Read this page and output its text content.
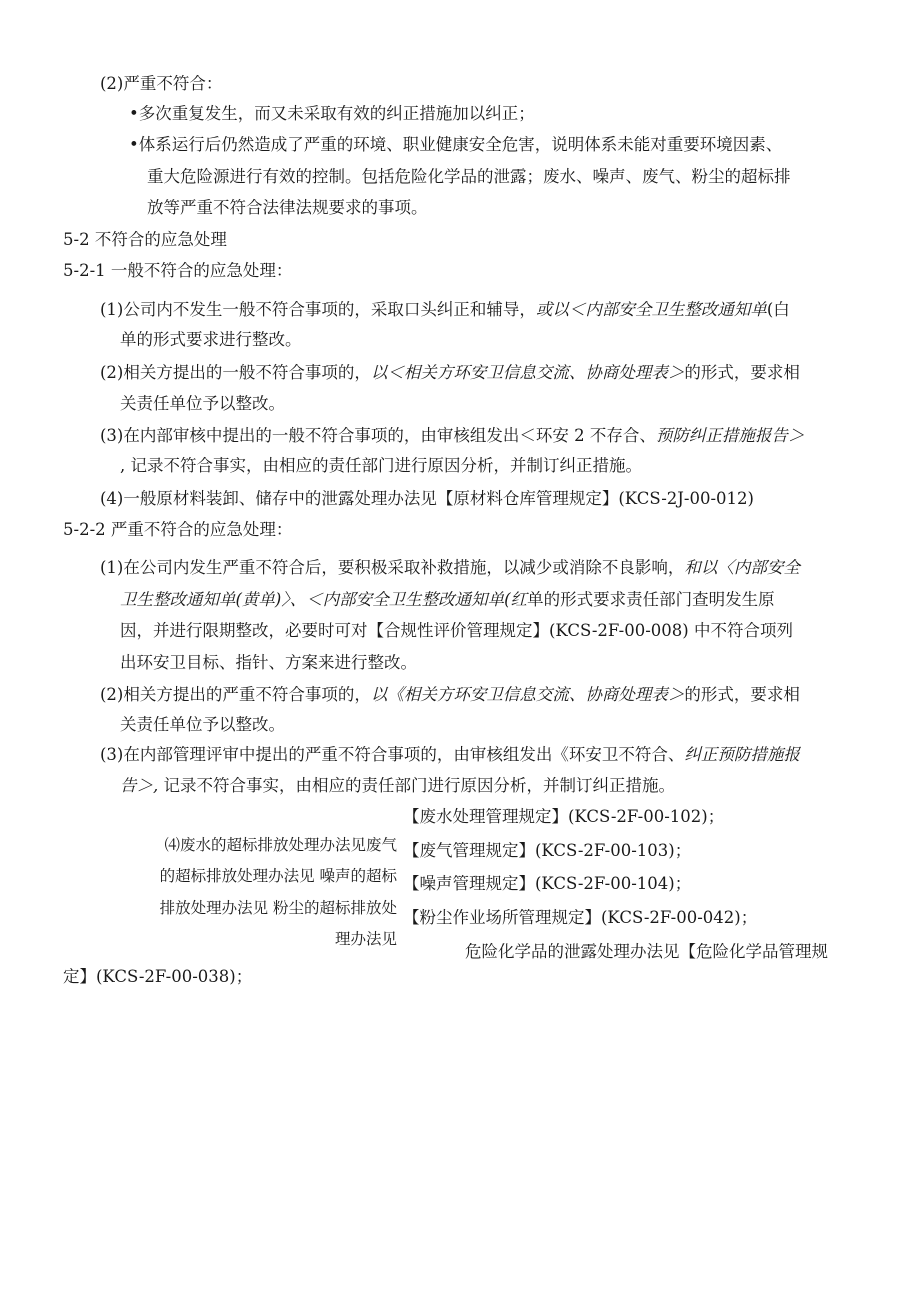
(2)严重不符合：
•多次重复发生，而又未采取有效的纠正措施加以纠正；
•体系运行后仍然造成了严重的环境、职业健康安全危害，说明体系未能对重要环境因素、
重大危险源进行有效的控制。包括危险化学品的泄露；废水、噪声、废气、粉尘的超标排
放等严重不符合法律法规要求的事项。
5-2 不符合的应急处理
5-2-1 一般不符合的应急处理：
(1)公司内不发生一般不符合事项的，采取口头纠正和辅导，或以＜内部安全卫生整改通知单(白
单的形式要求进行整改。
(2)相关方提出的一般不符合事项的，以＜相关方环安卫信息交流、协商处理表＞的形式，要求相
关责任单位予以整改。
(3)在内部审核中提出的一般不符合事项的，由审核组发出＜环安 2 不存合、预防纠正措施报告＞
, 记录不符合事实，由相应的责任部门进行原因分析，并制订纠正措施。
(4)一般原材料装卸、储存中的泄露处理办法见【原材料仓库管理规定】(KCS-2J-00-012)
5-2-2 严重不符合的应急处理：
(1)在公司内发生严重不符合后，要积极采取补救措施，以减少或消除不良影响，和以〈内部安全
卫生整改通知单(黄单)〉、＜内部安全卫生整改通知单(红单的形式要求责任部门查明发生原
因，并进行限期整改，必要时可对【合规性评价管理规定】(KCS-2F-00-008) 中不符合项列
出环安卫目标、指针、方案来进行整改。
(2)相关方提出的严重不符合事项的，以《相关方环安卫信息交流、协商处理表＞的形式，要求相
关责任单位予以整改。
(3)在内部管理评审中提出的严重不符合事项的，由审核组发出《环安卫不符合、纠正预防措施报
告＞, 记录不符合事实，由相应的责任部门进行原因分析，并制订纠正措施。
⑷废水的超标排放处理办法见废气
的超标排放处理办法见 噪声的超标
排放处理办法见 粉尘的超标排放处
理办法见
【废水处理管理规定】(KCS-2F-00-102)；
【废气管理规定】(KCS-2F-00-103)；
【噪声管理规定】(KCS-2F-00-104)；
【粉尘作业场所管理规定】(KCS-2F-00-042)；
危险化学品的泄露处理办法见【危险化学品管理规
定】(KCS-2F-00-038)；
